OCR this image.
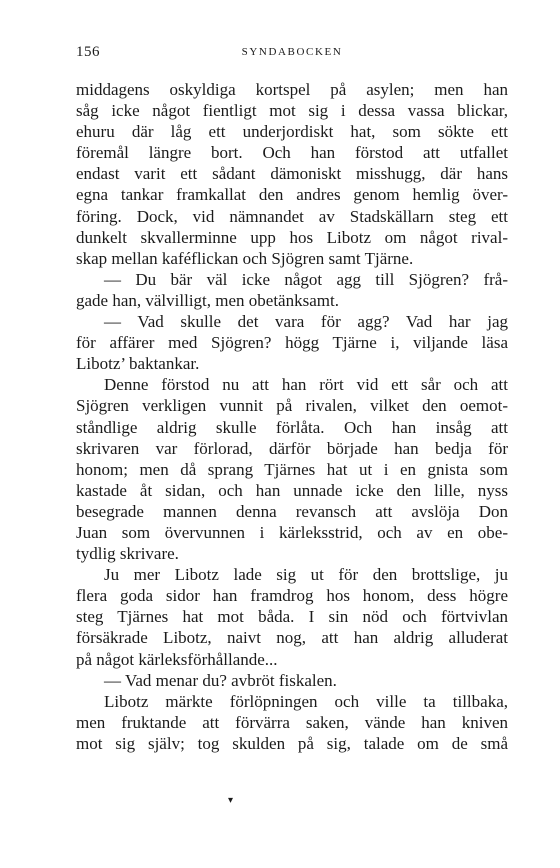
156	SYNDABOCKEN
middagens oskyldiga kortspel på asylen; men han
såg icke något fientligt mot sig i dessa vassa blickar,
ehuru där låg ett underjordiskt hat, som sökte ett
föremål längre bort. Och han förstod att utfallet
endast varit ett sådant dämoniskt misshugg, där hans
egna tankar framkallat den andres genom hemlig över-
föring. Dock, vid nämnandet av Stadskällarn steg ett
dunkelt skvallerminne upp hos Libotz om något rival-
skap mellan kaféflickan och Sjögren samt Tjärne.
— Du bär väl icke något agg till Sjögren? frå-
gade han, välvilligt, men obetänksamt.
— Vad skulle det vara för agg? Vad har jag
för affärer med Sjögren? högg Tjärne i, viljande läsa
Libotz’ baktankar.
Denne förstod nu att han rört vid ett sår och att
Sjögren verkligen vunnit på rivalen, vilket den oemot-
ståndlige aldrig skulle förlåta. Och han insåg att
skrivaren var förlorad, därför började han bedja för
honom; men då sprang Tjärnes hat ut i en gnista som
kastade åt sidan, och han unnade icke den lille, nyss
besegrade mannen denna revansch att avslöja Don
Juan som övervunnen i kärleksstrid, och av en obe-
tydlig skrivare.
Ju mer Libotz lade sig ut för den brottslige, ju
flera goda sidor han framdrog hos honom, dess högre
steg Tjärnes hat mot båda. I sin nöd och förtvivlan
försäkrade Libotz, naivt nog, att han aldrig alluderat
på något kärleksförhållande...
— Vad menar du? avbröt fiskalen.
Libotz märkte förlöpningen och ville ta tillbaka,
men fruktande att förvärra saken, vände han kniven
mot sig själv; tog skulden på sig, talade om de små
▾
